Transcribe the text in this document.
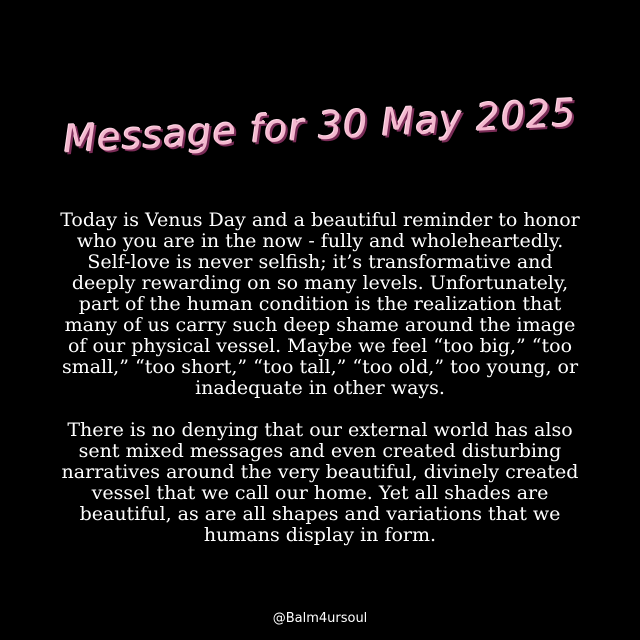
Message for 30 May 2025

Today is Venus Day and a beautiful reminder to honor who you are in the now - fully and wholeheartedly. Self-love is never selfish; it’s transformative and deeply rewarding on so many levels. Unfortunately, part of the human condition is the realization that many of us carry such deep shame around the image of our physical vessel. Maybe we feel “too big,” “too small,” “too short,” “too tall,” “too old,” too young, or inadequate in other ways.

There is no denying that our external world has also sent mixed messages and even created disturbing narratives around the very beautiful, divinely created vessel that we call our home. Yet all shades are beautiful, as are all shapes and variations that we humans display in form.

@Balm4ursoul
